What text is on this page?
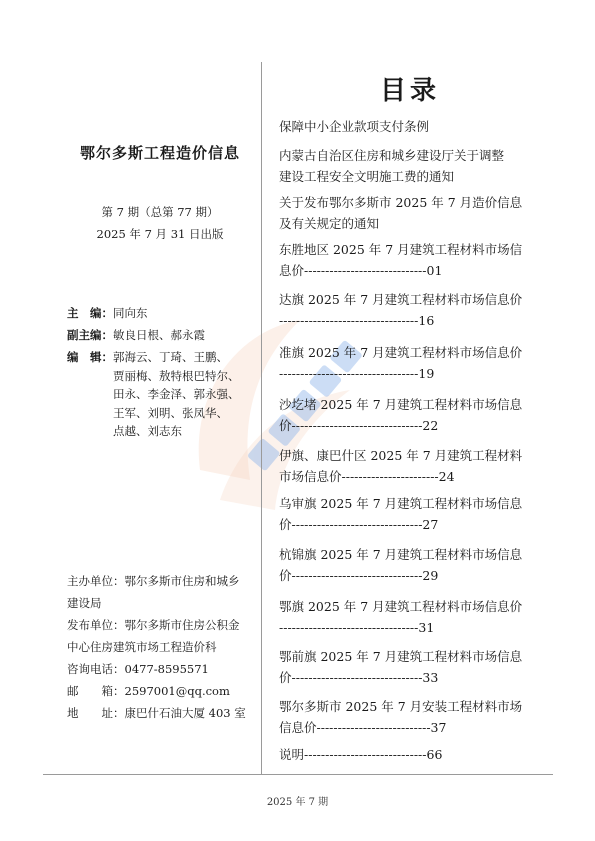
目录
鄂尔多斯工程造价信息
第 7 期（总第 77 期）
2025 年 7 月 31 日出版
主　编：同向东
副主编：敏良日根、郝永霞
编　辑： 郭海云、丁琦、王鹏、
贾丽梅、敖特根巴特尔、
田永、李金泽、郭永强、
王军、刘明、张凤华、
点越、刘志东
主办单位：鄂尔多斯市住房和城乡
建设局
发布单位：鄂尔多斯市住房公积金
中心住房建筑市场工程造价科
咨询电话：0477-8595571
邮　　箱：2597001@qq.com
地　　址：康巴什石油大厦 403 室
保障中小企业款项支付条例
内蒙古自治区住房和城乡建设厅关于调整
建设工程安全文明施工费的通知
关于发布鄂尔多斯市 2025 年 7 月造价信息
及有关规定的通知
东胜地区 2025 年 7 月建筑工程材料市场信
息价-----------------------------01
达旗 2025 年 7 月建筑工程材料市场信息价
---------------------------------16
准旗 2025 年 7 月建筑工程材料市场信息价
---------------------------------19
沙圪堵 2025 年 7 月建筑工程材料市场信息
价-------------------------------22
伊旗、康巴什区 2025 年 7 月建筑工程材料
市场信息价-----------------------24
乌审旗 2025 年 7 月建筑工程材料市场信息
价-------------------------------27
杭锦旗 2025 年 7 月建筑工程材料市场信息
价-------------------------------29
鄂旗 2025 年 7 月建筑工程材料市场信息价
---------------------------------31
鄂前旗 2025 年 7 月建筑工程材料市场信息
价-------------------------------33
鄂尔多斯市 2025 年 7 月安装工程材料市场
信息价---------------------------37
说明-----------------------------66
2025 年 7 期
